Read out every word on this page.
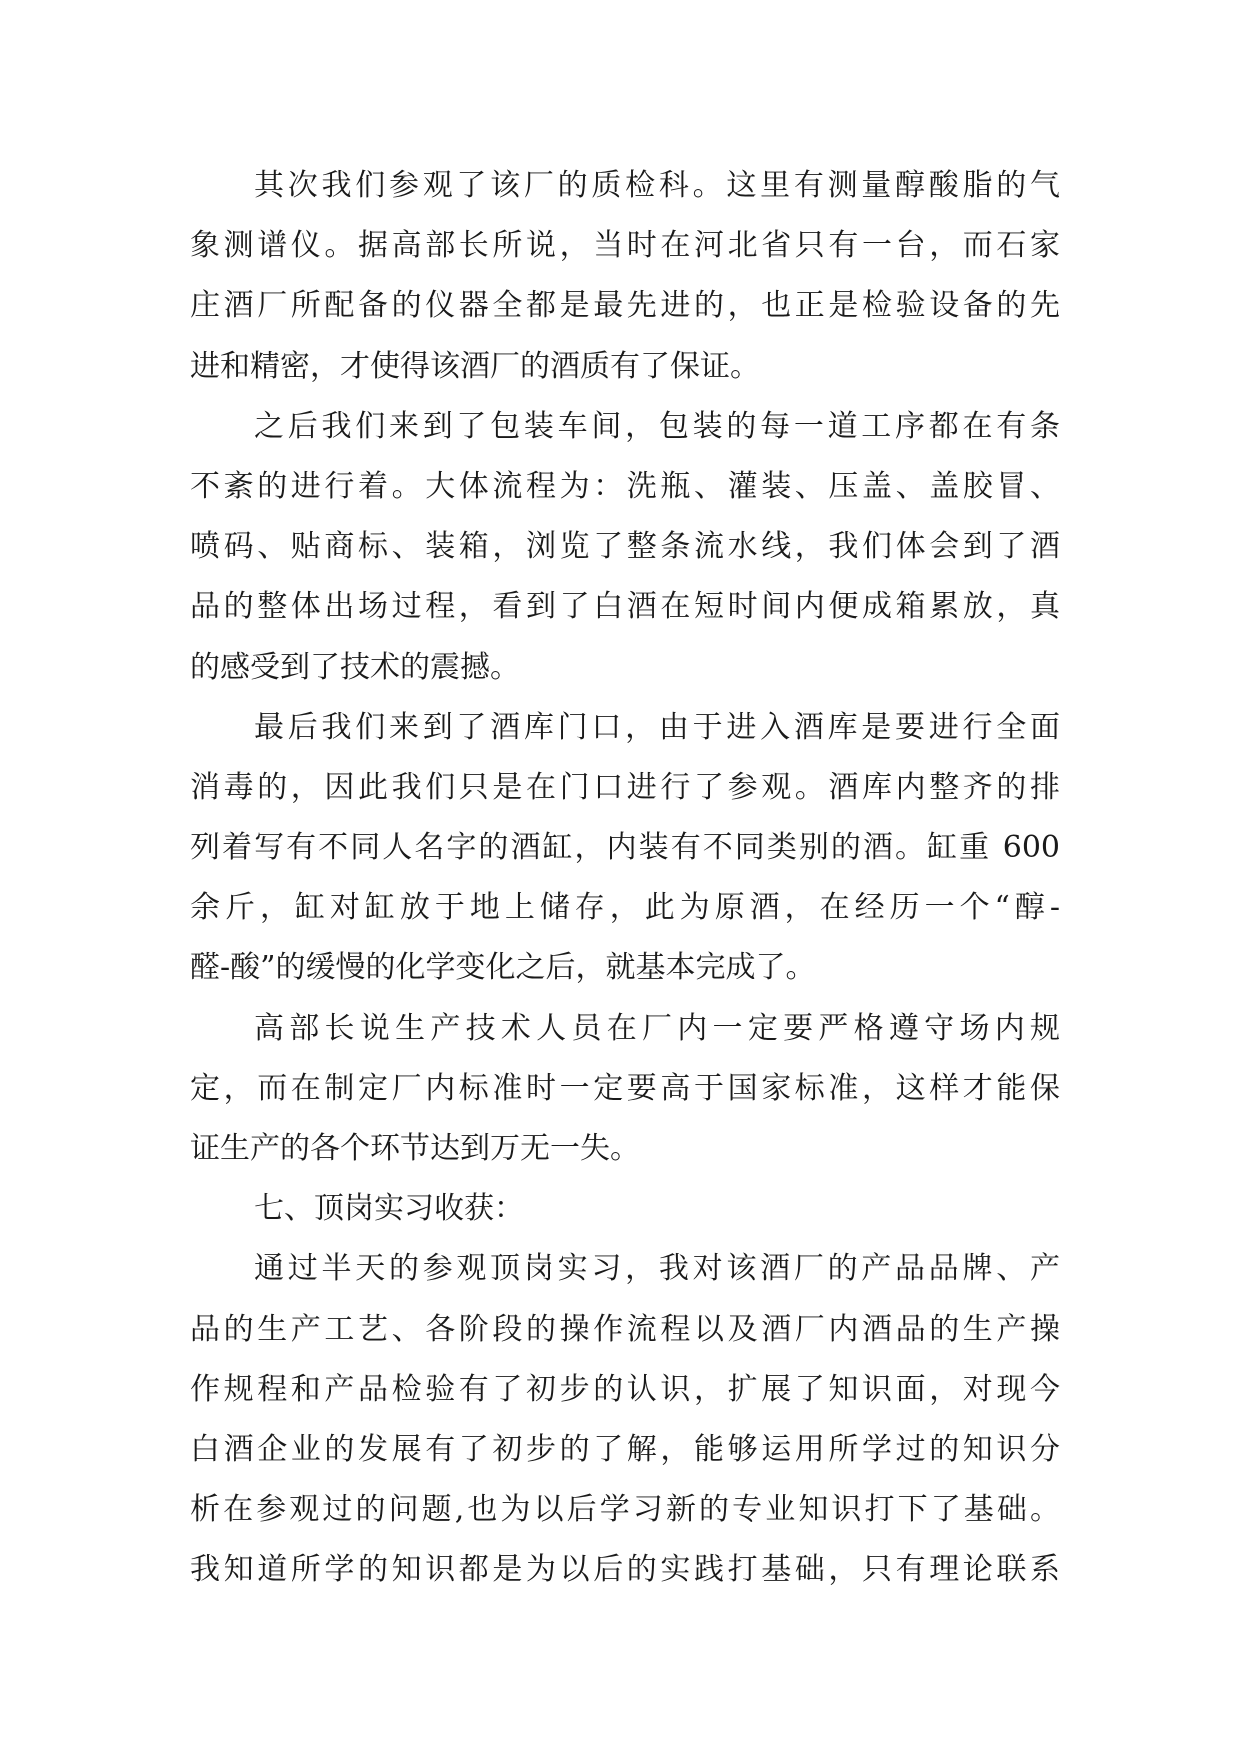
其次我们参观了该厂的质检科。这里有测量醇酸脂的气
象测谱仪。据高部长所说，当时在河北省只有一台，而石家
庄酒厂所配备的仪器全都是最先进的，也正是检验设备的先
进和精密，才使得该酒厂的酒质有了保证。
之后我们来到了包装车间，包装的每一道工序都在有条
不紊的进行着。大体流程为：洗瓶、灌装、压盖、盖胶冒、
喷码、贴商标、装箱，浏览了整条流水线，我们体会到了酒
品的整体出场过程，看到了白酒在短时间内便成箱累放，真
的感受到了技术的震撼。
最后我们来到了酒库门口，由于进入酒库是要进行全面
消毒的，因此我们只是在门口进行了参观。酒库内整齐的排
列着写有不同人名字的酒缸，内装有不同类别的酒。缸重 600
余斤，缸对缸放于地上储存，此为原酒，在经历一个“醇-
醛-酸”的缓慢的化学变化之后，就基本完成了。
高部长说生产技术人员在厂内一定要严格遵守场内规
定，而在制定厂内标准时一定要高于国家标准，这样才能保
证生产的各个环节达到万无一失。
七、顶岗实习收获：
通过半天的参观顶岗实习，我对该酒厂的产品品牌、产
品的生产工艺、各阶段的操作流程以及酒厂内酒品的生产操
作规程和产品检验有了初步的认识，扩展了知识面，对现今
白酒企业的发展有了初步的了解，能够运用所学过的知识分
析在参观过的问题,也为以后学习新的专业知识打下了基础。
我知道所学的知识都是为以后的实践打基础，只有理论联系
